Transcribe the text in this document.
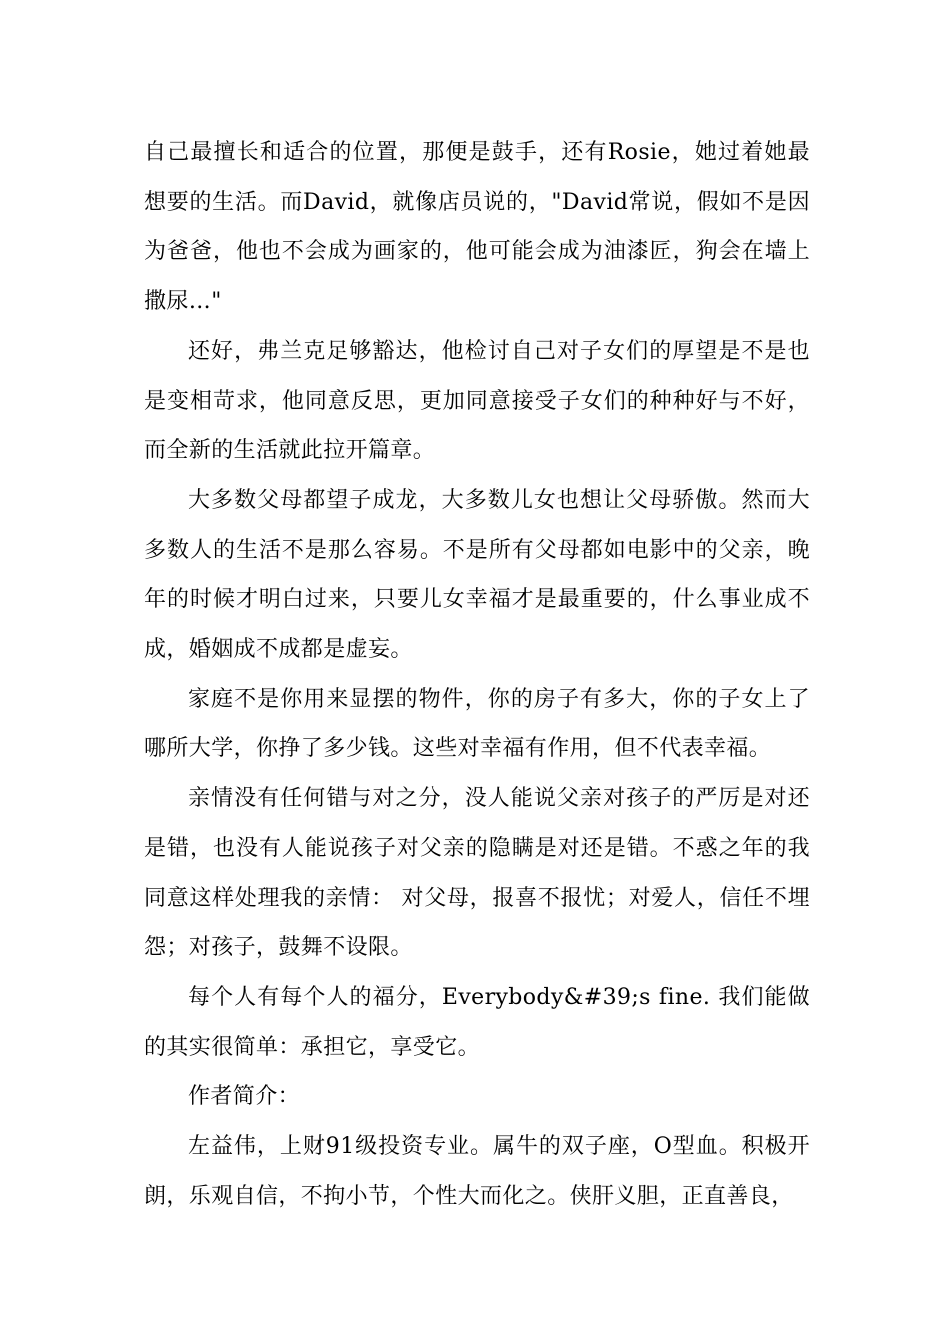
自己最擅长和适合的位置，那便是鼓手，还有Rosie，她过着她最想要的生活。而David，就像店员说的，"David常说，假如不是因为爸爸，他也不会成为画家的，他可能会成为油漆匠，狗会在墙上撒尿…"

还好，弗兰克足够豁达，他检讨自己对子女们的厚望是不是也是变相苛求，他同意反思，更加同意接受子女们的种种好与不好，而全新的生活就此拉开篇章。

大多数父母都望子成龙，大多数儿女也想让父母骄傲。然而大多数人的生活不是那么容易。不是所有父母都如电影中的父亲，晚年的时候才明白过来，只要儿女幸福才是最重要的，什么事业成不成，婚姻成不成都是虚妄。

家庭不是你用来显摆的物件，你的房子有多大，你的子女上了哪所大学，你挣了多少钱。这些对幸福有作用，但不代表幸福。

亲情没有任何错与对之分，没人能说父亲对孩子的严厉是对还是错，也没有人能说孩子对父亲的隐瞒是对还是错。不惑之年的我同意这样处理我的亲情： 对父母，报喜不报忧；对爱人，信任不埋怨；对孩子，鼓舞不设限。

每个人有每个人的福分，Everybody&#39;s fine. 我们能做的其实很简单：承担它，享受它。

作者简介：

左益伟，上财91级投资专业。属牛的双子座，O型血。积极开朗，乐观自信，不拘小节，个性大而化之。侠肝义胆，正直善良，
